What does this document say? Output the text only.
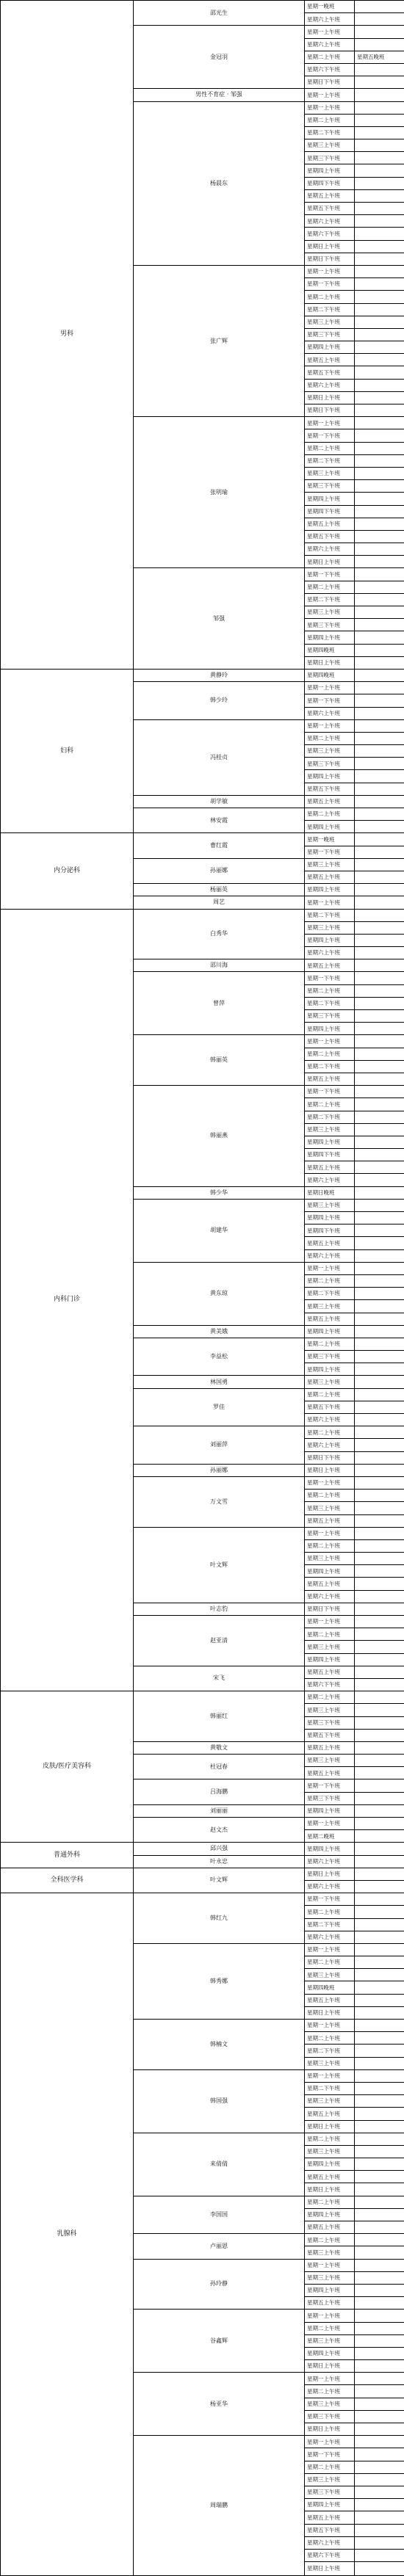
男科	邵光生	星期一晚班	
		星期六上午班	
	金冠羽	星期一上午班	
		星期六上午班	
		星期二上午班	星期五晚班
		星期六下午班	
		星期日下午班	
	男性不育症 · 邹强	星期一上午班	
	杨晨东	星期一上午班	
		星期二上午班	
		星期二下午班	
		星期三上午班	
		星期三下午班	
		星期四上午班	
		星期四下午班	
		星期五上午班	
		星期五下午班	
		星期六上午班	
		星期六下午班	
		星期日上午班	
		星期日下午班	
	张广辉	星期一上午班	
		星期一下午班	
		星期二上午班	
		星期二下午班	
		星期三上午班	
		星期三下午班	
		星期四上午班	
		星期五上午班	
		星期五下午班	
		星期六上午班	
		星期日上午班	
		星期日下午班	
	张明瑜	星期一上午班	
		星期一下午班	
		星期二上午班	
		星期二下午班	
		星期三上午班	
		星期三下午班	
		星期四上午班	
		星期四下午班	
		星期五上午班	
		星期五下午班	
		星期六上午班	
		星期日上午班	
	邹强	星期一下午班	
		星期二上午班	
		星期二下午班	
		星期三上午班	
		星期三下午班	
		星期四上午班	
		星期四晚班	
		星期日上午班	
妇科	黄静玲	星期四晚班	
	韩少玲	星期一上午班	
		星期一下午班	
		星期六上午班	
	冯桂贞	星期一上午班	
		星期二上午班	
		星期三上午班	
		星期三下午班	
		星期四上午班	
		星期五下午班	
	胡学敏	星期五上午班	
	林安霞	星期二上午班	
		星期四上午班	
内分泌科	曹红霞	星期一晚班	
		星期一下午班	
	孙丽娜	星期三上午班	
		星期五上午班	
	杨丽英	星期四上午班	
	周艺	星期一上午班	
内科门诊	白秀华	星期二下午班	
		星期三上午班	
		星期四上午班	
		星期六上午班	
	邵川海	星期五上午班	
	曾萍	星期一下午班	
		星期二上午班	
		星期二下午班	
		星期三下午班	
		星期四上午班	
	韩丽英	星期一上午班	
		星期二上午班	
		星期二下午班	
		星期五上午班	
	韩丽燕	星期一下午班	
		星期二上午班	
		星期二下午班	
		星期三上午班	
		星期四上午班	
		星期四下午班	
		星期五上午班	
		星期六上午班	
	韩少华	星期日晚班	
	胡建华	星期三上午班	
		星期四上午班	
		星期四下午班	
		星期五上午班	
		星期六上午班	
	黄东琼	星期一上午班	
		星期二上午班	
		星期二下午班	
		星期三上午班	
		星期五上午班	
	黄美娥	星期四上午班	
	李益松	星期二上午班	
		星期三下午班	
		星期四上午班	
	林国勇	星期三上午班	
	罗佳	星期二上午班	
		星期五下午班	
		星期六上午班	
	刘丽萍	星期二上午班	
		星期六上午班	
		星期日下午班	
	孙丽娜	星期日上午班	
	万文雪	星期一上午班	
		星期二上午班	
		星期三上午班	
		星期五上午班	
	叶文辉	星期一上午班	
		星期二上午班	
		星期三上午班	
		星期四上午班	
		星期五上午班	
		星期六上午班	
	叶志豹	星期日下午班	
	赵亚清	星期一上午班	
		星期二上午班	
		星期三上午班	
		星期四上午班	
	宋飞	星期五上午班	
		星期六下午班	
皮肤/医疗美容科	韩丽红	星期二上午班	
		星期三上午班	
		星期三下午班	
		星期五下午班	
	黄敬文	星期五上午班	
	杜冠春	星期三上午班	
		星期五上午班	
	吕海鹏	星期一下午班	
		星期三下午班	
	刘丽丽	星期四上午班	
	赵文杰	星期一上午班	
		星期二晚班	
普通外科	邱兴强	星期四上午班	
	叶永忠	星期六上午班	
全科医学科	叶文辉	星期日上午班	
		星期六上午班	
乳腺科	韩红九	星期一下午班	
		星期二上午班	
		星期二下午班	
		星期六上午班	
	韩秀娜	星期一上午班	
		星期二上午班	
		星期三上午班	
		星期四晚班	
		星期五上午班	
		星期日上午班	
	韩楠文	星期一上午班	
		星期二上午班	
		星期二下午班	
		星期三上午班	
	韩国强	星期一上午班	
		星期二下午班	
		星期三上午班	
		星期五上午班	
		星期日上午班	
	来倩倩	星期二上午班	
		星期三上午班	
		星期四上午班	
		星期五上午班	
		星期日上午班	
	李国国	星期二上午班	
		星期四上午班	
		星期五上午班	
	卢丽恩	星期二上午班	
		星期三上午班	
	孙玲静	星期一上午班	
		星期三上午班	
		星期四上午班	
		星期五上午班	
	谷鑫辉	星期一上午班	
		星期二上午班	
		星期三上午班	
		星期四上午班	
		星期日上午班	
	杨亚华	星期一上午班	
		星期二上午班	
		星期三上午班	
		星期三下午班	
		星期日上午班	
	周瑞鹏	星期一上午班	
		星期一下午班	
		星期二上午班	
		星期三上午班	
		星期三下午班	
		星期四上午班	
		星期五上午班	
		星期五下午班	
		星期六上午班	
		星期六下午班	
		星期日上午班	
